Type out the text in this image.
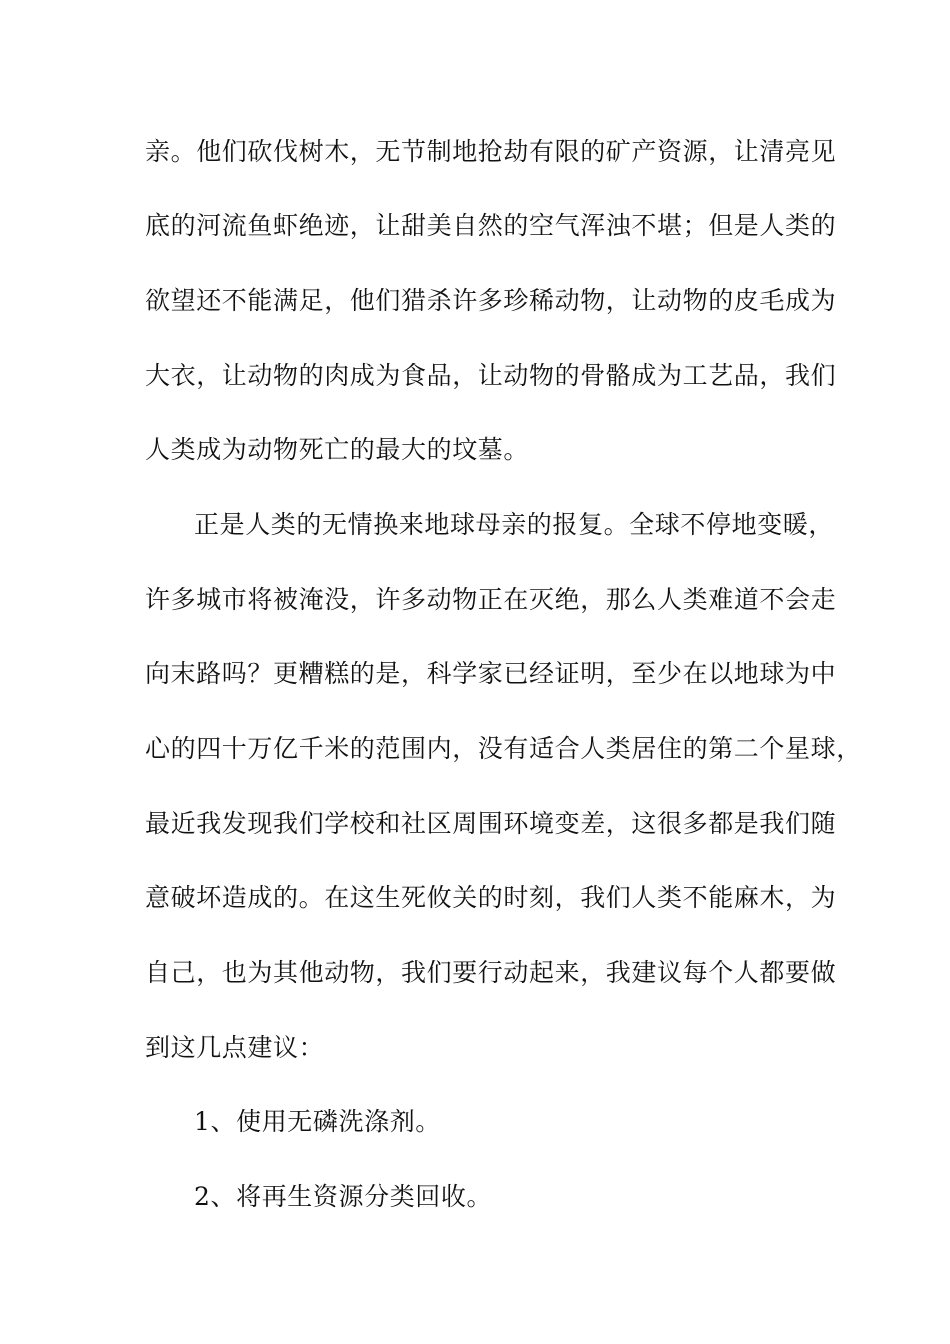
亲。他们砍伐树木，无节制地抢劫有限的矿产资源，让清亮见
底的河流鱼虾绝迹，让甜美自然的空气浑浊不堪；但是人类的
欲望还不能满足，他们猎杀许多珍稀动物，让动物的皮毛成为
大衣，让动物的肉成为食品，让动物的骨骼成为工艺品，我们
人类成为动物死亡的最大的坟墓。
正是人类的无情换来地球母亲的报复。全球不停地变暖，
许多城市将被淹没，许多动物正在灭绝，那么人类难道不会走
向末路吗？更糟糕的是，科学家已经证明，至少在以地球为中
心的四十万亿千米的范围内，没有适合人类居住的第二个星球，
最近我发现我们学校和社区周围环境变差，这很多都是我们随
意破坏造成的。在这生死攸关的时刻，我们人类不能麻木，为
自己，也为其他动物，我们要行动起来，我建议每个人都要做
到这几点建议：
1、使用无磷洗涤剂。
2、将再生资源分类回收。
